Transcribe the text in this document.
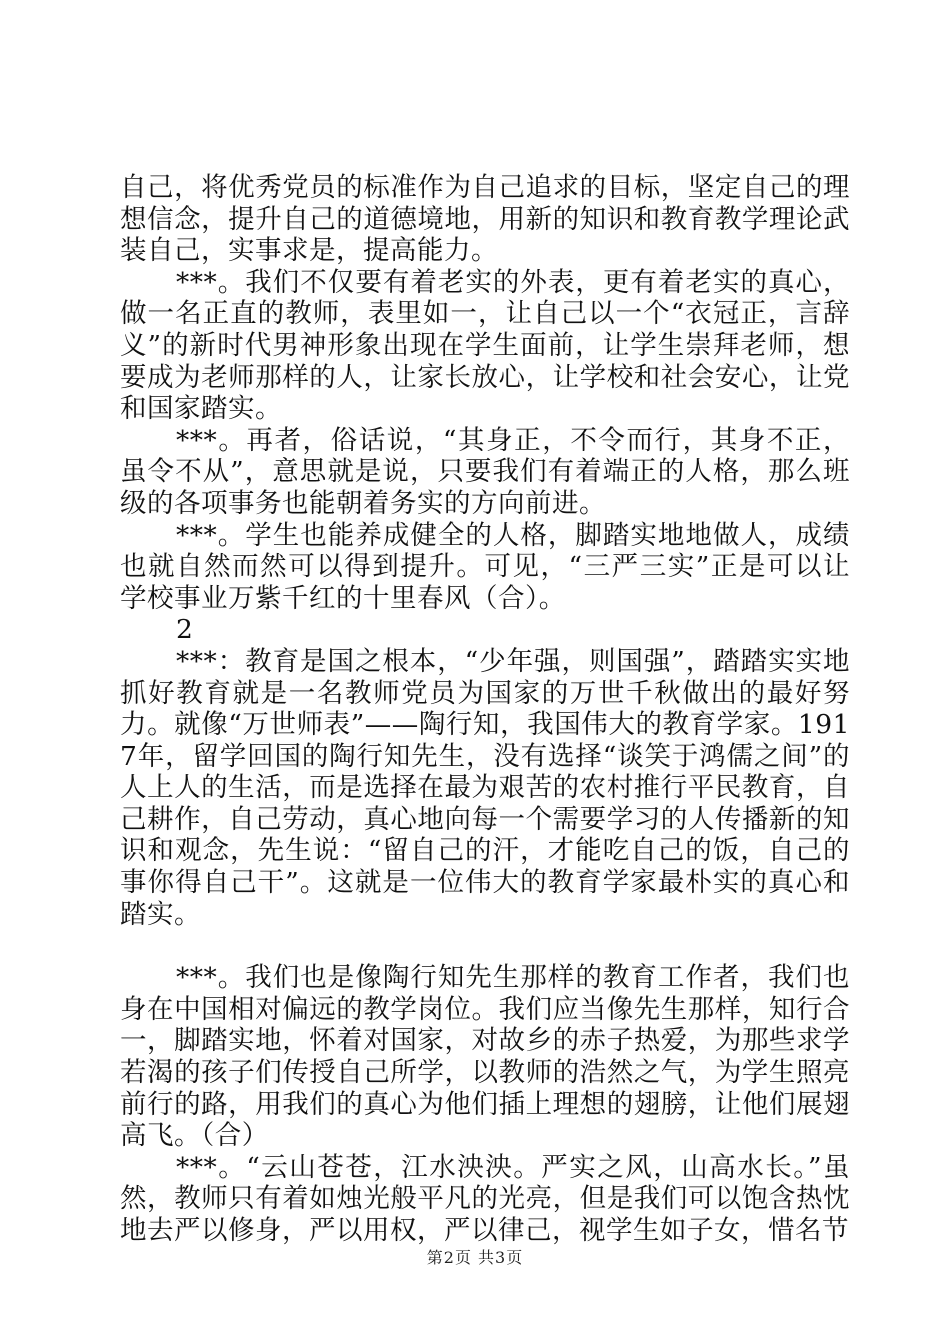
自己，将优秀党员的标准作为自己追求的目标，坚定自己的理想信念，提升自己的道德境地，用新的知识和教育教学理论武装自己，实事求是，提高能力。

***。我们不仅要有着老实的外表，更有着老实的真心，做一名正直的教师，表里如一，让自己以一个“衣冠正，言辞义”的新时代男神形象出现在学生面前，让学生崇拜老师，想要成为老师那样的人，让家长放心，让学校和社会安心，让党和国家踏实。

***。再者，俗话说，“其身正，不令而行，其身不正，虽令不从”，意思就是说，只要我们有着端正的人格，那么班级的各项事务也能朝着务实的方向前进。

***。学生也能养成健全的人格，脚踏实地地做人，成绩也就自然而然可以得到提升。可见，“三严三实”正是可以让学校事业万紫千红的十里春风（合）。

2

***：教育是国之根本，“少年强，则国强”，踏踏实实地抓好教育就是一名教师党员为国家的万世千秋做出的最好努力。就像“万世师表”——陶行知，我国伟大的教育学家。1917年，留学回国的陶行知先生，没有选择“谈笑于鸿儒之间”的人上人的生活，而是选择在最为艰苦的农村推行平民教育，自己耕作，自己劳动，真心地向每一个需要学习的人传播新的知识和观念，先生说：“留自己的汗，才能吃自己的饭，自己的事你得自己干”。这就是一位伟大的教育学家最朴实的真心和踏实。

***。我们也是像陶行知先生那样的教育工作者，我们也身在中国相对偏远的教学岗位。我们应当像先生那样，知行合一，脚踏实地，怀着对国家，对故乡的赤子热爱，为那些求学若渴的孩子们传授自己所学，以教师的浩然之气，为学生照亮前行的路，用我们的真心为他们插上理想的翅膀，让他们展翅高飞。（合）

***。“云山苍苍，江水泱泱。严实之风，山高水长。”虽然，教师只有着如烛光般平凡的光亮，但是我们可以饱含热忱地去严以修身，严以用权，严以律己，视学生如子女，惜名节

第2页 共3页
